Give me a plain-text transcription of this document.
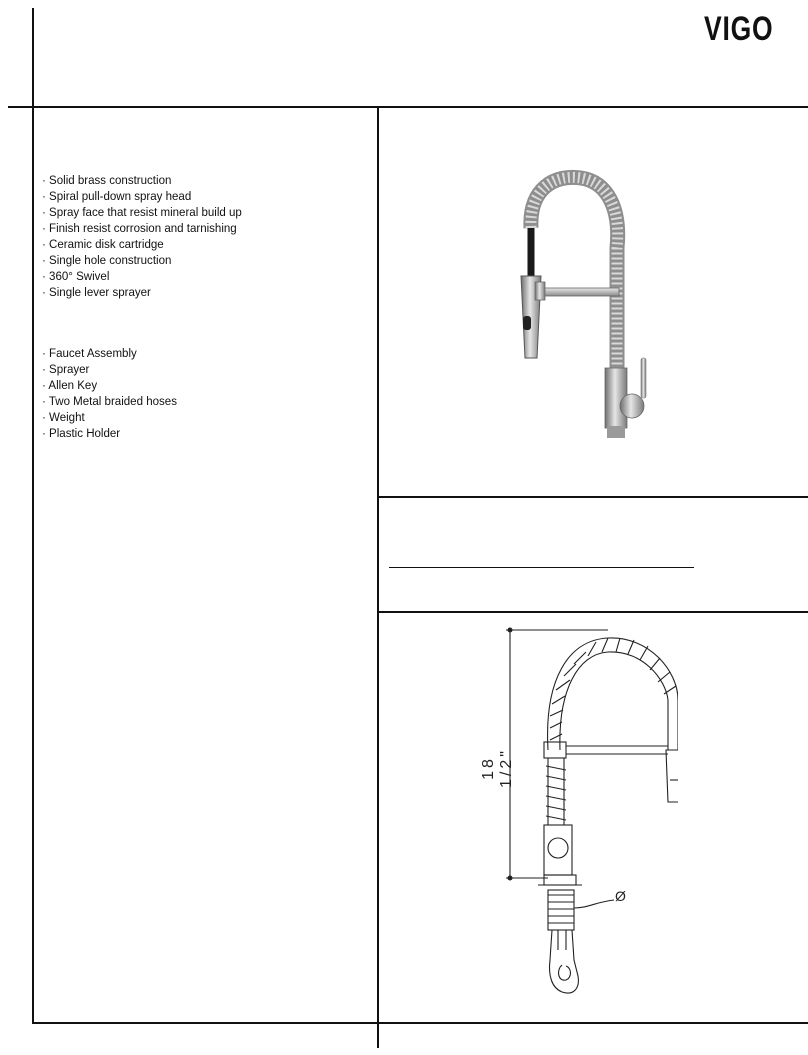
VIGO
· Solid brass construction
· Spiral pull-down spray head
· Spray face that resist mineral build up
· Finish resist corrosion and tarnishing
· Ceramic disk cartridge
· Single hole construction
· 360° Swivel
· Single lever sprayer
· Faucet Assembly
· Sprayer
· Allen Key
· Two Metal braided hoses
· Weight
· Plastic Holder
18 1/2"
Ø
